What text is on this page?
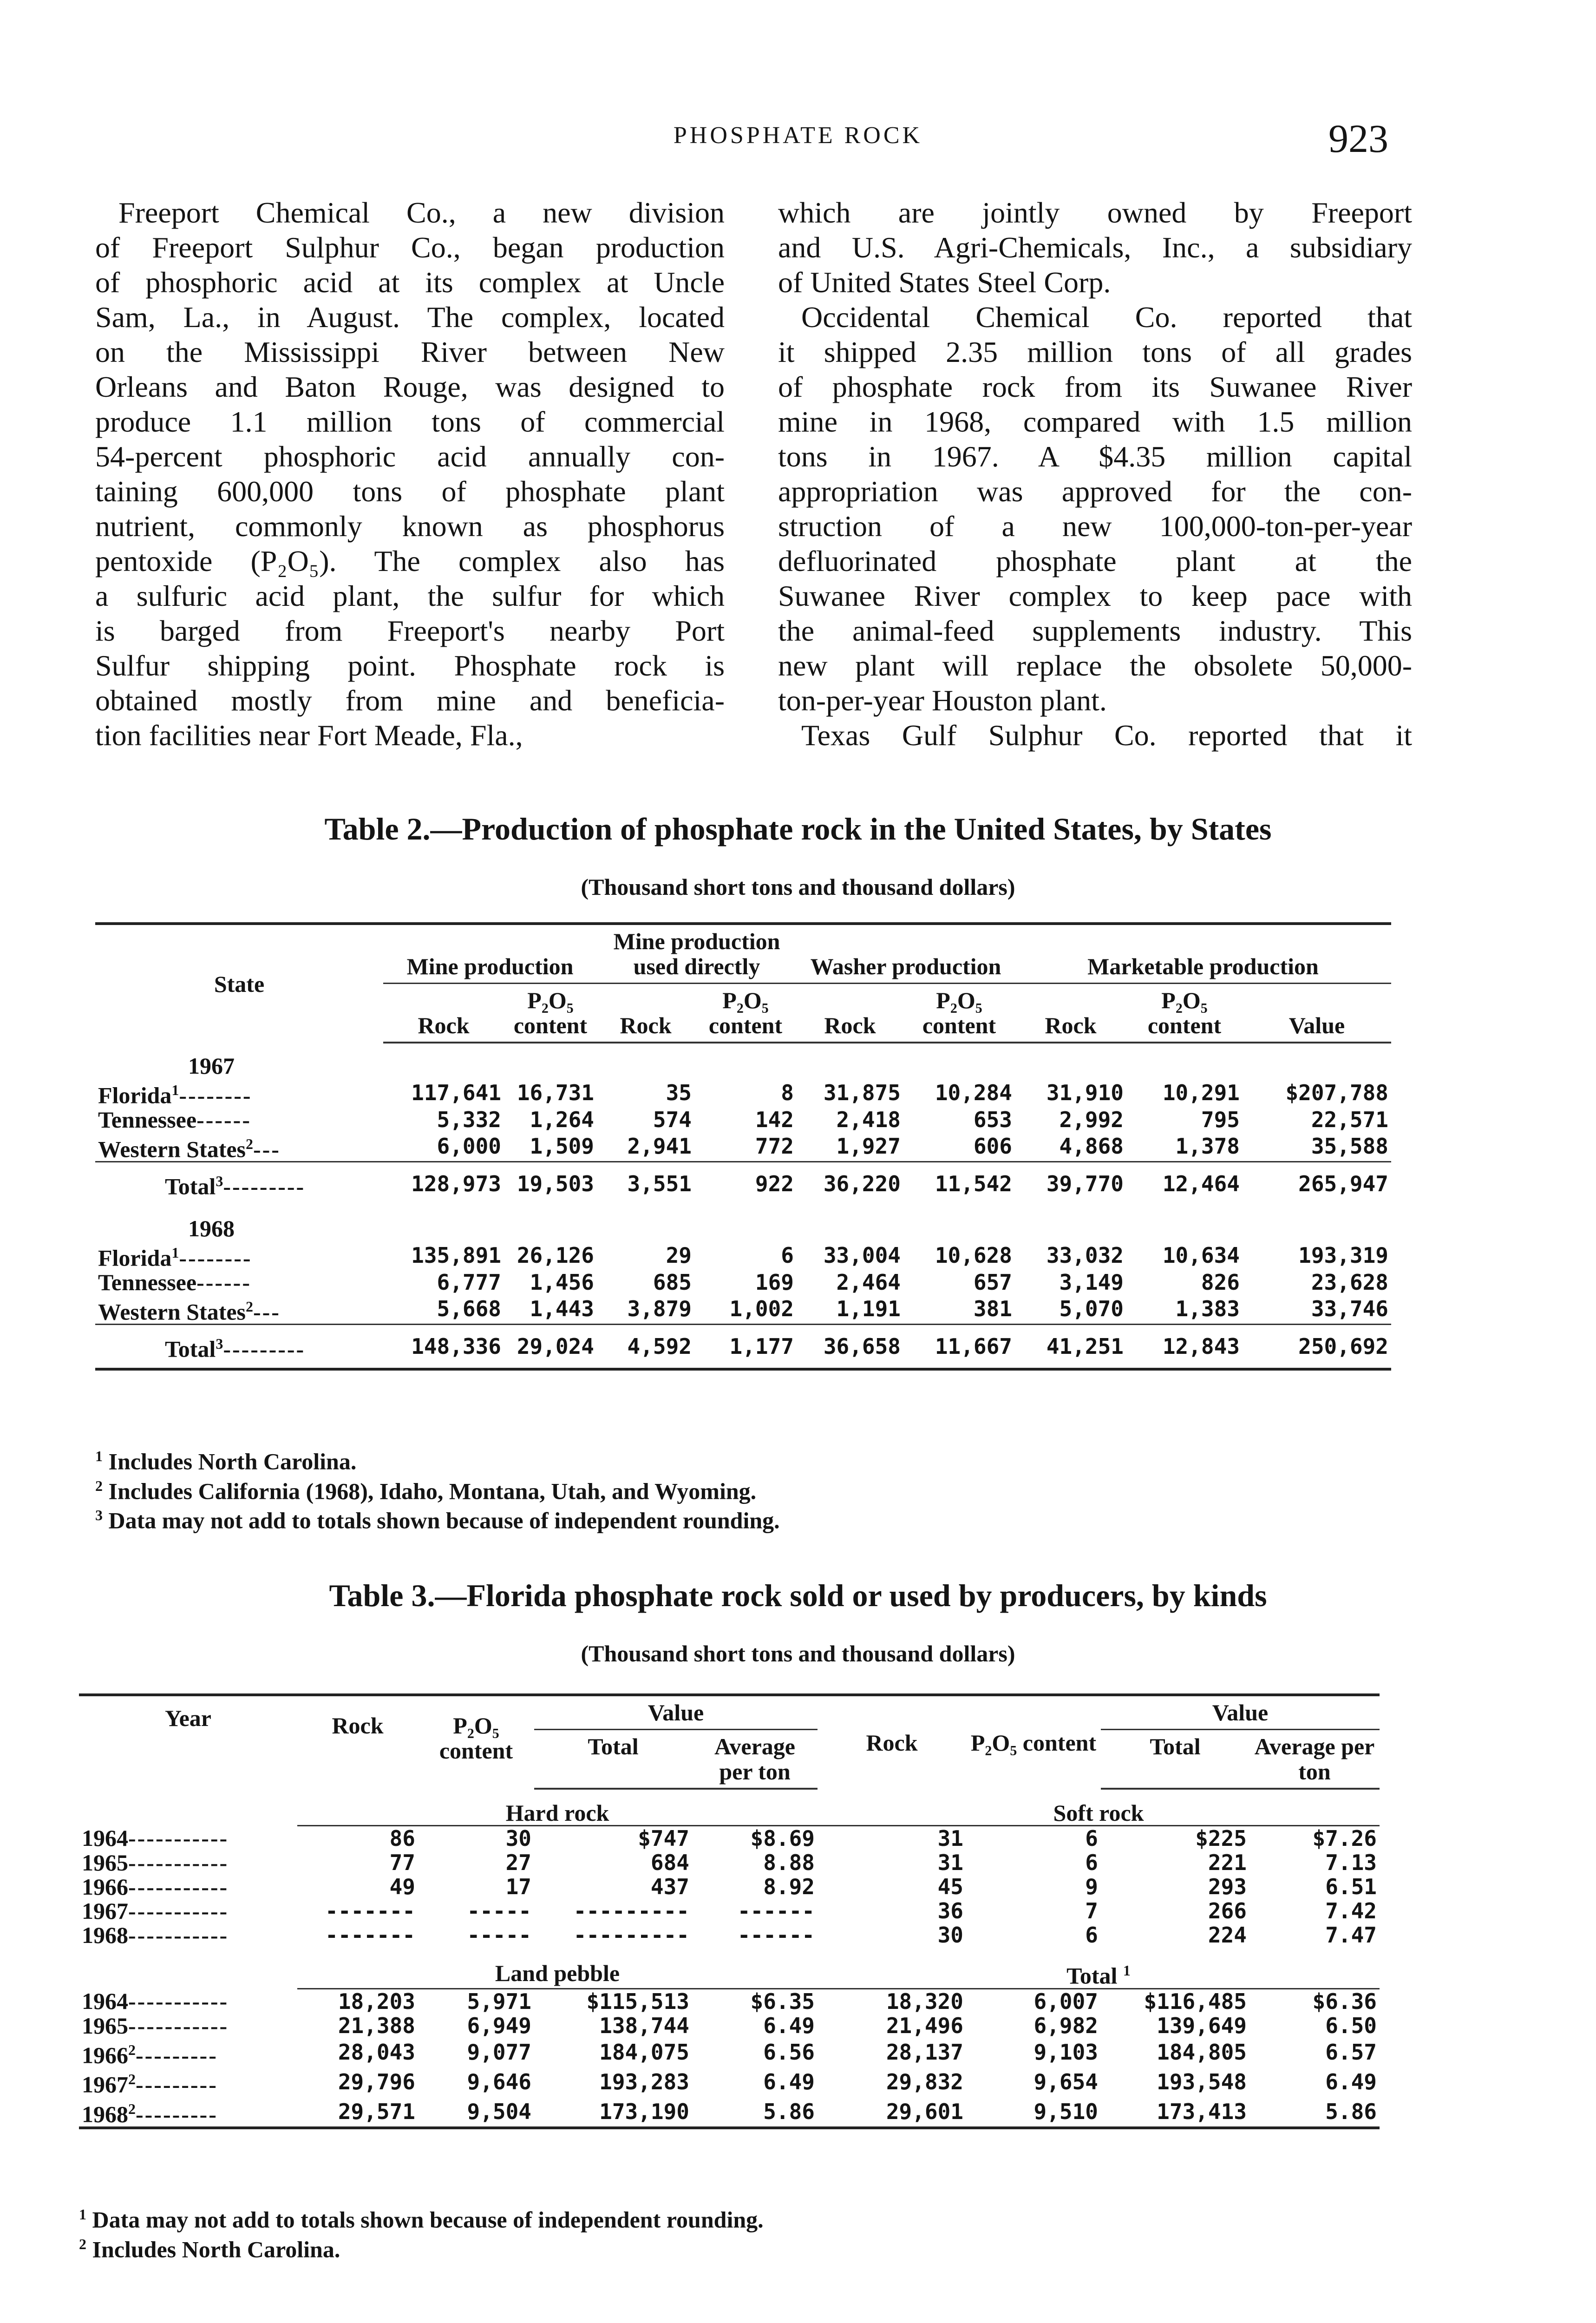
PHOSPHATE ROCK	923
Freeport Chemical Co., a new division
of Freeport Sulphur Co., began production
of phosphoric acid at its complex at Uncle
Sam, La., in August. The complex, located
on the Mississippi River between New
Orleans and Baton Rouge, was designed to
produce 1.1 million tons of commercial
54-percent phosphoric acid annually con-
taining 600,000 tons of phosphate plant
nutrient, commonly known as phosphorus
pentoxide (P₂O₅). The complex also has
a sulfuric acid plant, the sulfur for which
is barged from Freeport's nearby Port
Sulfur shipping point. Phosphate rock is
obtained mostly from mine and beneficia-
tion facilities near Fort Meade, Fla.,
which are jointly owned by Freeport
and U.S. Agri-Chemicals, Inc., a subsidiary
of United States Steel Corp.
Occidental Chemical Co. reported that
it shipped 2.35 million tons of all grades
of phosphate rock from its Suwanee River
mine in 1968, compared with 1.5 million
tons in 1967. A $4.35 million capital
appropriation was approved for the con-
struction of a new 100,000-ton-per-year
defluorinated phosphate plant at the
Suwanee River complex to keep pace with
the animal-feed supplements industry. This
new plant will replace the obsolete 50,000-
ton-per-year Houston plant.
Texas Gulf Sulphur Co. reported that it
Table 2.—Production of phosphate rock in the United States, by States
(Thousand short tons and thousand dollars)
State	Mine production		Mine production used directly		Washer production		Marketable production		
	Rock	P₂O₅ content	Rock	P₂O₅ content	Rock	P₂O₅ content	Rock	P₂O₅ content	Value
1967									
Florida$^1$--------	117,641	16,731	35	8	31,875	10,284	31,910	10,291	$207,788
Tennessee------	5,332	1,264	574	142	2,418	653	2,992	795	22,571
Western States$^2$---	6,000	1,509	2,941	772	1,927	606	4,868	1,378	35,588
Total$^3$---------	128,973	19,503	3,551	922	36,220	11,542	39,770	12,464	265,947
1968									
Florida$^1$--------	135,891	26,126	29	6	33,004	10,628	33,032	10,634	193,319
Tennessee------	6,777	1,456	685	169	2,464	657	3,149	826	23,628
Western States$^2$---	5,668	1,443	3,879	1,002	1,191	381	5,070	1,383	33,746
Total$^3$---------	148,336	29,024	4,592	1,177	36,658	11,667	41,251	12,843	250,692
$^1$ Includes North Carolina.
$^2$ Includes California (1968), Idaho, Montana, Utah, and Wyoming.
$^3$ Data may not add to totals shown because of independent rounding.
Table 3.—Florida phosphate rock sold or used by producers, by kinds
(Thousand short tons and thousand dollars)
Year	Rock	P₂O₅ content	Value		Rock	P₂O₅ content	Value	
			Total	Average per ton			Total	Average per ton
	Hard rock				Soft rock			
1964-----------	86	30	$747	$8.69	31	6	$225	$7.26
1965-----------	77	27	684	8.88	31	6	221	7.13
1966-----------	49	17	437	8.92	45	9	293	6.51
1967-----------	-------	-----	---------	------	36	7	266	7.42
1968-----------	-------	-----	---------	------	30	6	224	7.47
	Land pebble				Total $^1$
1964-----------	18,203	5,971	$115,513	$6.35	18,320	6,007	$116,485	$6.36
1965-----------	21,388	6,949	138,744	6.49	21,496	6,982	139,649	6.50
1966$^2$---------	28,043	9,077	184,075	6.56	28,137	9,103	184,805	6.57
1967$^2$---------	29,796	9,646	193,283	6.49	29,832	9,654	193,548	6.49
1968$^2$---------	29,571	9,504	173,190	5.86	29,601	9,510	173,413	5.86
$^1$ Data may not add to totals shown because of independent rounding.
$^2$ Includes North Carolina.
